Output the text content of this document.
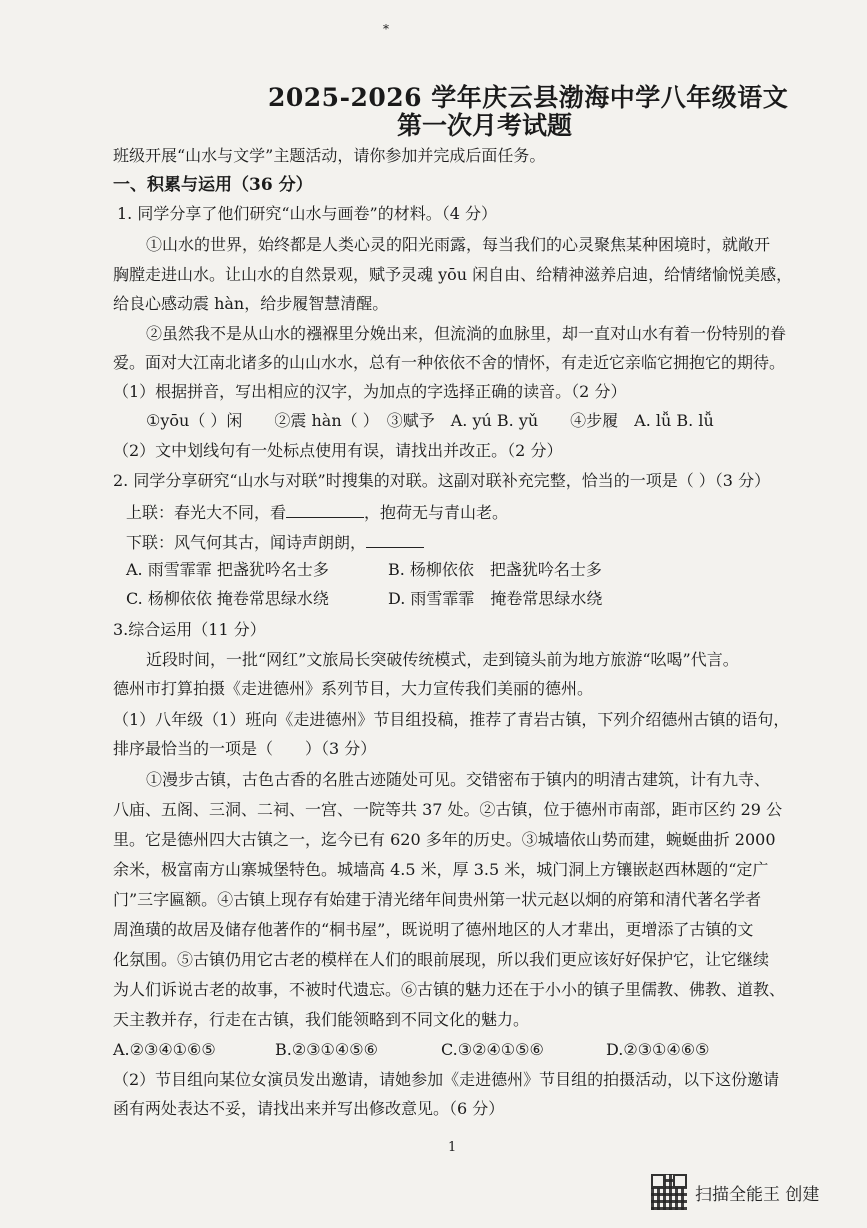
*
2025-2026 学年庆云县渤海中学八年级语文
第一次月考试题
班级开展“山水与文学”主题活动，请你参加并完成后面任务。
一、积累与运用（36 分）
1. 同学分享了他们研究“山水与画卷”的材料。（4 分）
①山水的世界，始终都是人类心灵的阳光雨露，每当我们的心灵聚焦某种困境时，就敞开
胸膛走进山水。让山水的自然景观，赋予灵魂 yōu 闲自由、给精神滋养启迪，给情绪愉悦美感，
给良心感动震 hàn，给步履智慧清醒。
②虽然我不是从山水的襁褓里分娩出来，但流淌的血脉里，却一直对山水有着一份特别的眷
爱。面对大江南北诸多的山山水水，总有一种依依不舍的情怀，有走近它亲临它拥抱它的期待。
（1）根据拼音，写出相应的汉字，为加点的字选择正确的读音。（2 分）
①yōu（ ）闲　　②震 hàn（ ）　③赋予　A. yú B. yǔ　　④步履　A. lǚ B. lǚ
（2）文中划线句有一处标点使用有误，请找出并改正。（2 分）
2. 同学分享研究“山水与对联”时搜集的对联。这副对联补充完整，恰当的一项是（ ）（3 分）
上联：春光大不同，看	，抱荷无与青山老。
下联：风气何其古，闻诗声朗朗，
A. 雨雪霏霏 把盏犹吟名士多	B. 杨柳依依　把盏犹吟名士多
C. 杨柳依依 掩卷常思绿水绕	D. 雨雪霏霏　掩卷常思绿水绕
3.综合运用（11 分）
近段时间，一批“网红”文旅局长突破传统模式，走到镜头前为地方旅游“吆喝”代言。
德州市打算拍摄《走进德州》系列节目，大力宣传我们美丽的德州。
（1）八年级（1）班向《走进德州》节目组投稿，推荐了青岩古镇，下列介绍德州古镇的语句，
排序最恰当的一项是（　　）（3 分）
①漫步古镇，古色古香的名胜古迹随处可见。交错密布于镇内的明清古建筑，计有九寺、
八庙、五阁、三洞、二祠、一宫、一院等共 37 处。②古镇，位于德州市南部，距市区约 29 公
里。它是德州四大古镇之一，迄今已有 620 多年的历史。③城墙依山势而建，蜿蜒曲折 2000
余米，极富南方山寨城堡特色。城墙高 4.5 米，厚 3.5 米，城门洞上方镶嵌赵西林题的“定广
门”三字匾额。④古镇上现存有始建于清光绪年间贵州第一状元赵以炯的府第和清代著名学者
周渔璜的故居及储存他著作的“桐书屋”，既说明了德州地区的人才辈出，更增添了古镇的文
化氛围。⑤古镇仍用它古老的模样在人们的眼前展现，所以我们更应该好好保护它，让它继续
为人们诉说古老的故事，不被时代遗忘。⑥古镇的魅力还在于小小的镇子里儒教、佛教、道教、
天主教并存，行走在古镇，我们能领略到不同文化的魅力。
A.②③④①⑥⑤	B.②③①④⑤⑥	C.③②④①⑤⑥	D.②③①④⑥⑤
（2）节目组向某位女演员发出邀请，请她参加《走进德州》节目组的拍摄活动，以下这份邀请
函有两处表达不妥，请找出来并写出修改意见。（6 分）
1
扫描全能王 创建
